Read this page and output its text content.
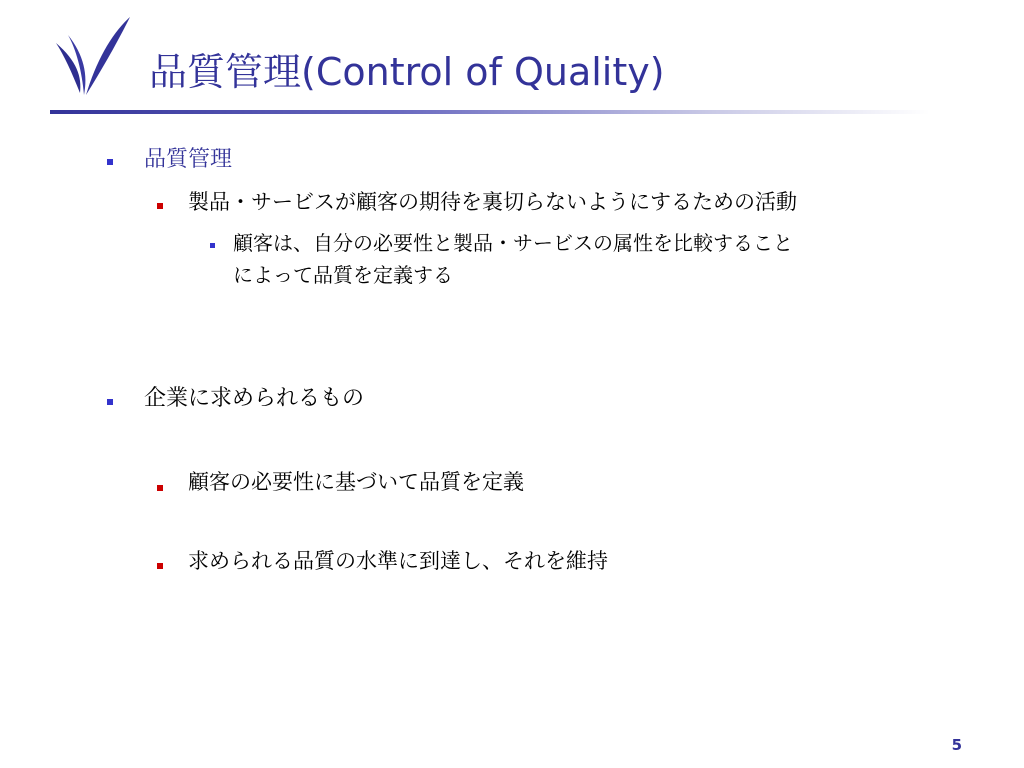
品質管理(Control of Quality)
品質管理
製品・サービスが顧客の期待を裏切らないようにするための活動
顧客は、自分の必要性と製品・サービスの属性を比較すること
によって品質を定義する
企業に求められるもの
顧客の必要性に基づいて品質を定義
求められる品質の水準に到達し、それを維持
5
